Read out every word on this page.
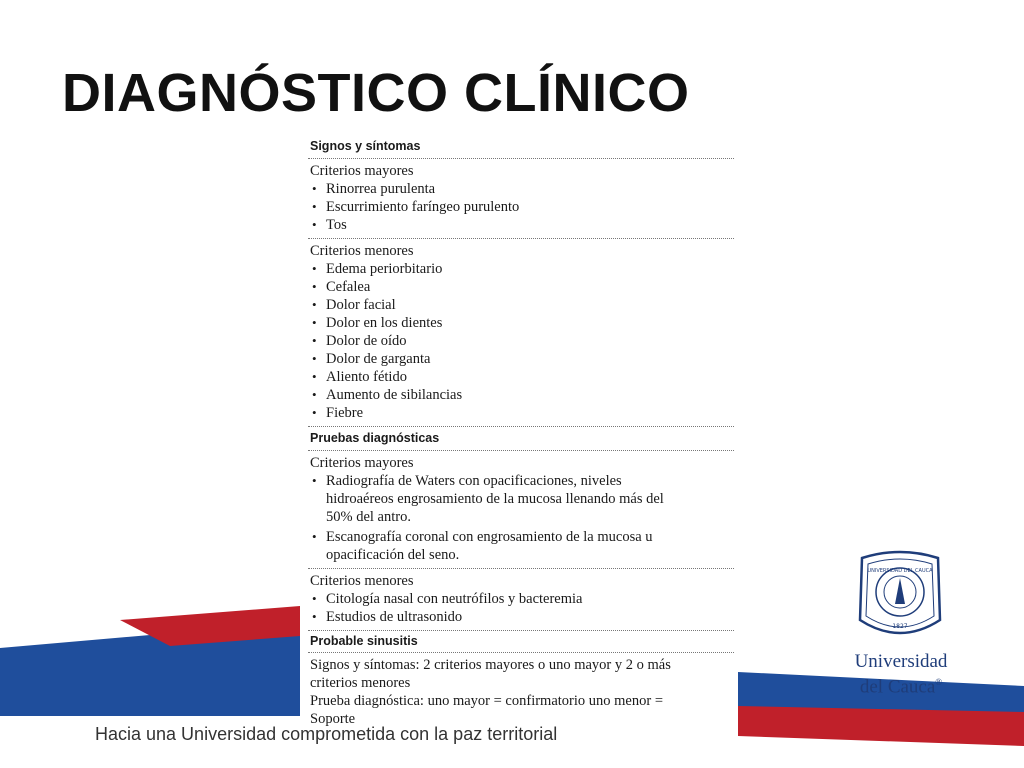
DIAGNÓSTICO CLÍNICO
Signos y síntomas
Criterios mayores
• Rinorrea purulenta
• Escurrimiento faríngeo purulento
• Tos
Criterios menores
• Edema periorbitario
• Cefalea
• Dolor facial
• Dolor en los dientes
• Dolor de oído
• Dolor de garganta
• Aliento fétido
• Aumento de sibilancias
• Fiebre
Pruebas diagnósticas
Criterios mayores
• Radiografía de Waters con opacificaciones, niveles
hidroaéreos engrosamiento de la mucosa llenando más del
50% del antro.
• Escanografía coronal con engrosamiento de la mucosa u
opacificación del seno.
Criterios menores
• Citología nasal con neutrófilos y bacteremia
• Estudios de ultrasonido
Probable sinusitis
Signos y síntomas: 2 criterios mayores o uno mayor y 2 o más
criterios menores
Prueba diagnóstica: uno mayor = confirmatorio uno menor =
Soporte
Hacia una Universidad comprometida con la paz territorial
UNIVERSIDAD DEL CAUCA
1827
Universidad
del Cauca®
